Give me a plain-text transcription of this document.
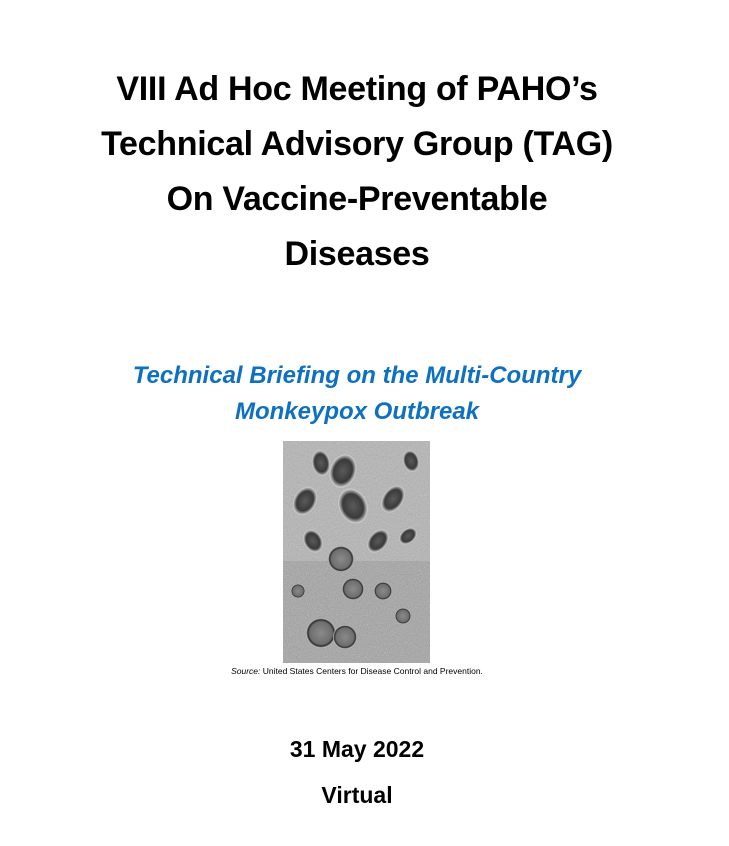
VIII Ad Hoc Meeting of PAHO’s
Technical Advisory Group (TAG)
On Vaccine-Preventable
Diseases
Technical Briefing on the Multi-Country
Monkeypox Outbreak
Source: United States Centers for Disease Control and Prevention.
31 May 2022
Virtual
